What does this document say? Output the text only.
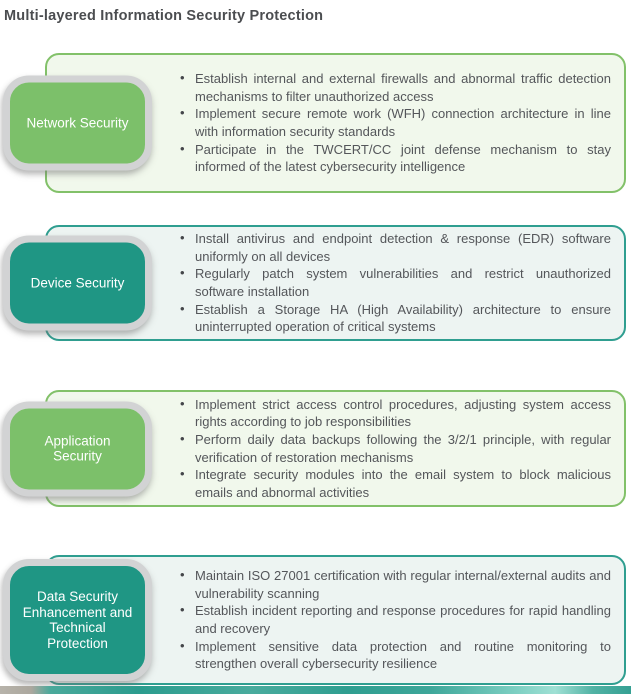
Multi-layered Information Security Protection
• Establish internal and external firewalls and abnormal traffic detection mechanisms to filter unauthorized access
• Implement secure remote work (WFH) connection architecture in line with information security standards
• Participate in the TWCERT/CC joint defense mechanism to stay informed of the latest cybersecurity intelligence
Network Security
• Install antivirus and endpoint detection & response (EDR) software uniformly on all devices
• Regularly patch system vulnerabilities and restrict unauthorized software installation
• Establish a Storage HA (High Availability) architecture to ensure uninterrupted operation of critical systems
Device Security
• Implement strict access control procedures, adjusting system access rights according to job responsibilities
• Perform daily data backups following the 3/2/1 principle, with regular verification of restoration mechanisms
• Integrate security modules into the email system to block malicious emails and abnormal activities
Application Security
• Maintain ISO 27001 certification with regular internal/external audits and vulnerability scanning
• Establish incident reporting and response procedures for rapid handling and recovery
• Implement sensitive data protection and routine monitoring to strengthen overall cybersecurity resilience
Data Security Enhancement and Technical Protection
